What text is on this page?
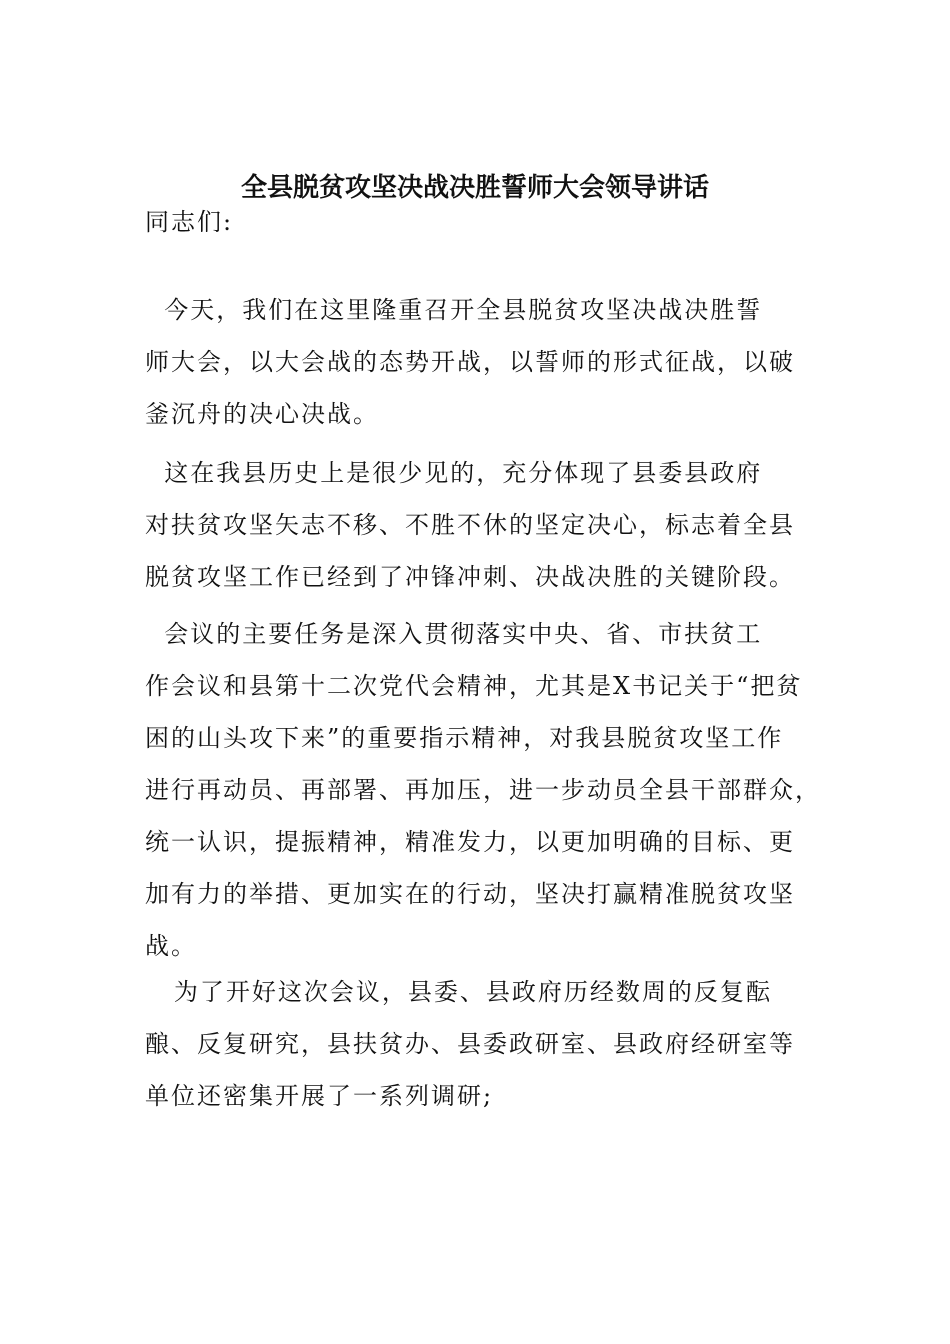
全县脱贫攻坚决战决胜誓师大会领导讲话
同志们:
今天，我们在这里隆重召开全县脱贫攻坚决战决胜誓
师大会，以大会战的态势开战，以誓师的形式征战，以破
釜沉舟的决心决战。
这在我县历史上是很少见的，充分体现了县委县政府
对扶贫攻坚矢志不移、不胜不休的坚定决心，标志着全县
脱贫攻坚工作已经到了冲锋冲刺、决战决胜的关键阶段。
会议的主要任务是深入贯彻落实中央、省、市扶贫工
作会议和县第十二次党代会精神，尤其是X书记关于“把贫
困的山头攻下来”的重要指示精神，对我县脱贫攻坚工作
进行再动员、再部署、再加压，进一步动员全县干部群众，
统一认识，提振精神，精准发力，以更加明确的目标、更
加有力的举措、更加实在的行动，坚决打赢精准脱贫攻坚
战。
为了开好这次会议，县委、县政府历经数周的反复酝
酿、反复研究，县扶贫办、县委政研室、县政府经研室等
单位还密集开展了一系列调研;
